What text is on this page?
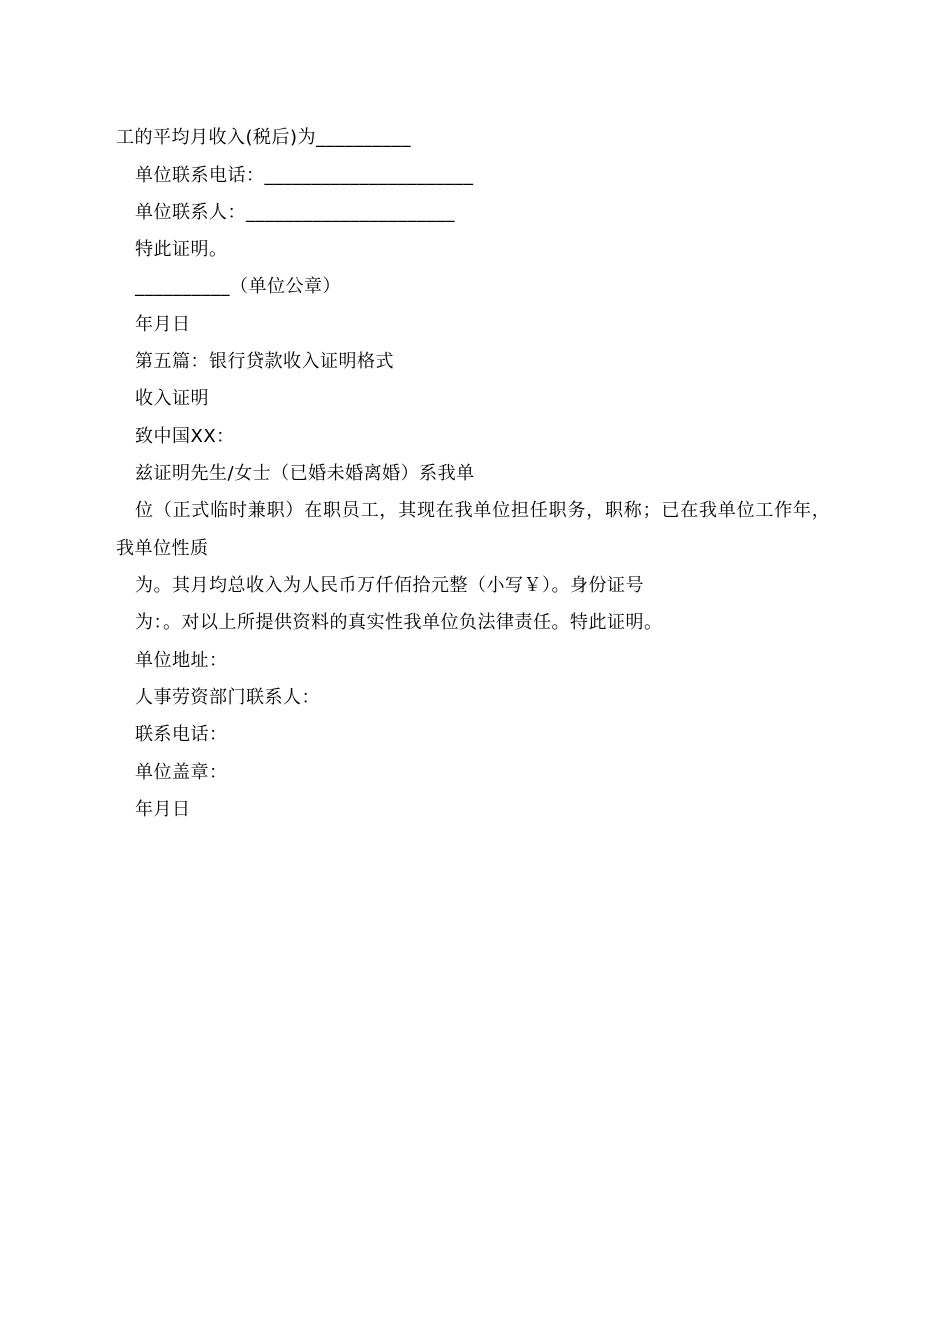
工的平均月收入(税后)为__________
单位联系电话：______________________
单位联系人：______________________
特此证明。
__________（单位公章）
年月日
第五篇：银行贷款收入证明格式
收入证明
致中国XX：
兹证明先生/女士（已婚未婚离婚）系我单
位（正式临时兼职）在职员工，其现在我单位担任职务，职称；已在我单位工作年，
我单位性质
为。其月均总收入为人民币万仟佰拾元整（小写￥）。身份证号
为：。对以上所提供资料的真实性我单位负法律责任。特此证明。
单位地址：
人事劳资部门联系人：
联系电话：
单位盖章：
年月日
